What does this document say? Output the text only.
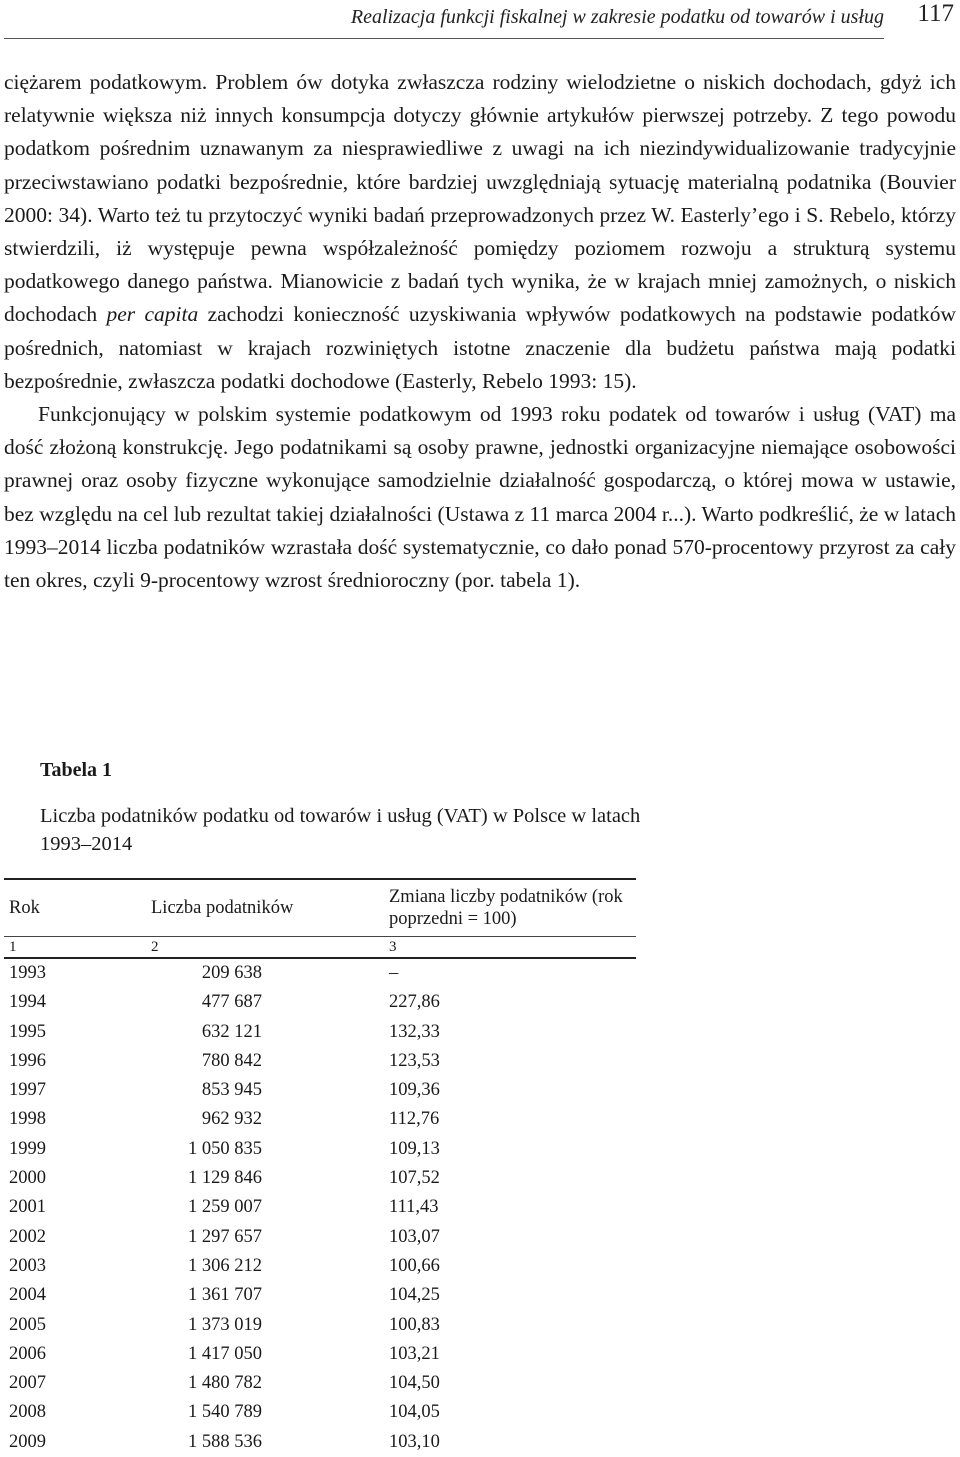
Realizacja funkcji fiskalnej w zakresie podatku od towarów i usług 117

ciężarem podatkowym. Problem ów dotyka zwłaszcza rodziny wielodzietne o niskich dochodach, gdyż ich relatywnie większa niż innych konsumpcja dotyczy głównie artykułów pierwszej potrzeby. Z tego powodu podatkom pośrednim uznawanym za niesprawiedliwe z uwagi na ich niezindywidualizowanie tradycyjnie przeciwstawiano podatki bezpośrednie, które bardziej uwzględniają sytuację materialną podatnika (Bouvier 2000: 34). Warto też tu przytoczyć wyniki badań przeprowadzonych przez W. Easterly’ego i S. Rebelo, którzy stwierdzili, iż występuje pewna współzależność pomiędzy poziomem rozwoju a strukturą systemu podatkowego danego państwa. Mianowicie z badań tych wynika, że w krajach mniej zamożnych, o niskich dochodach per capita zachodzi konieczność uzyskiwania wpływów podatkowych na podstawie podatków pośrednich, natomiast w krajach rozwiniętych istotne znaczenie dla budżetu państwa mają podatki bezpośrednie, zwłaszcza podatki dochodowe (Easterly, Rebelo 1993: 15).

Funkcjonujący w polskim systemie podatkowym od 1993 roku podatek od towarów i usług (VAT) ma dość złożoną konstrukcję. Jego podatnikami są osoby prawne, jednostki organizacyjne niemające osobowości prawnej oraz osoby fizyczne wykonujące samodzielnie działalność gospodarczą, o której mowa w ustawie, bez względu na cel lub rezultat takiej działalności (Ustawa z 11 marca 2004 r...). Warto podkreślić, że w latach 1993–2014 liczba podatników wzrastała dość systematycznie, co dało ponad 570-procentowy przyrost za cały ten okres, czyli 9-procentowy wzrost średnioroczny (por. tabela 1).

Tabela 1
Liczba podatników podatku od towarów i usług (VAT) w Polsce w latach 1993–2014
Rok	Liczba podatników	Zmiana liczby podatników (rok poprzedni = 100)
1	2	3
1993	209 638	–
1994	477 687	227,86
1995	632 121	132,33
1996	780 842	123,53
1997	853 945	109,36
1998	962 932	112,76
1999	1 050 835	109,13
2000	1 129 846	107,52
2001	1 259 007	111,43
2002	1 297 657	103,07
2003	1 306 212	100,66
2004	1 361 707	104,25
2005	1 373 019	100,83
2006	1 417 050	103,21
2007	1 480 782	104,50
2008	1 540 789	104,05
2009	1 588 536	103,10
